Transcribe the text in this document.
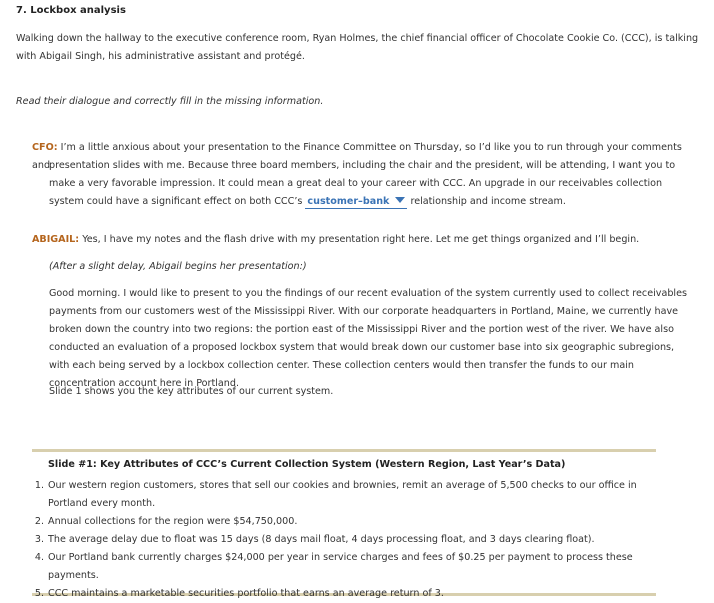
7. Lockbox analysis
Walking down the hallway to the executive conference room, Ryan Holmes, the chief financial officer of Chocolate Cookie Co. (CCC), is talking with Abigail Singh, his administrative assistant and protégé.
Read their dialogue and correctly fill in the missing information.
CFO: I’m a little anxious about your presentation to the Finance Committee on Thursday, so I’d like you to run through your comments and
presentation slides with me. Because three board members, including the chair and the president, will be attending, I want you to make a very favorable impression. It could mean a great deal to your career with CCC. An upgrade in our receivables collection system could have a significant effect on both CCC’s customer–bank relationship and income stream.
ABIGAIL: Yes, I have my notes and the flash drive with my presentation right here. Let me get things organized and I’ll begin.
(After a slight delay, Abigail begins her presentation:)
Good morning. I would like to present to you the findings of our recent evaluation of the system currently used to collect receivables payments from our customers west of the Mississippi River. With our corporate headquarters in Portland, Maine, we currently have broken down the country into two regions: the portion east of the Mississippi River and the portion west of the river. We have also conducted an evaluation of a proposed lockbox system that would break down our customer base into six geographic subregions, with each being served by a lockbox collection center. These collection centers would then transfer the funds to our main concentration account here in Portland.
Slide 1 shows you the key attributes of our current system.
Slide #1: Key Attributes of CCC’s Current Collection System (Western Region, Last Year’s Data)
1. Our western region customers, stores that sell our cookies and brownies, remit an average of 5,500 checks to our office in Portland every month.
2. Annual collections for the region were $54,750,000.
3. The average delay due to float was 15 days (8 days mail float, 4 days processing float, and 3 days clearing float).
4. Our Portland bank currently charges $24,000 per year in service charges and fees of $0.25 per payment to process these payments.
5. CCC maintains a marketable securities portfolio that earns an average return of 3.
